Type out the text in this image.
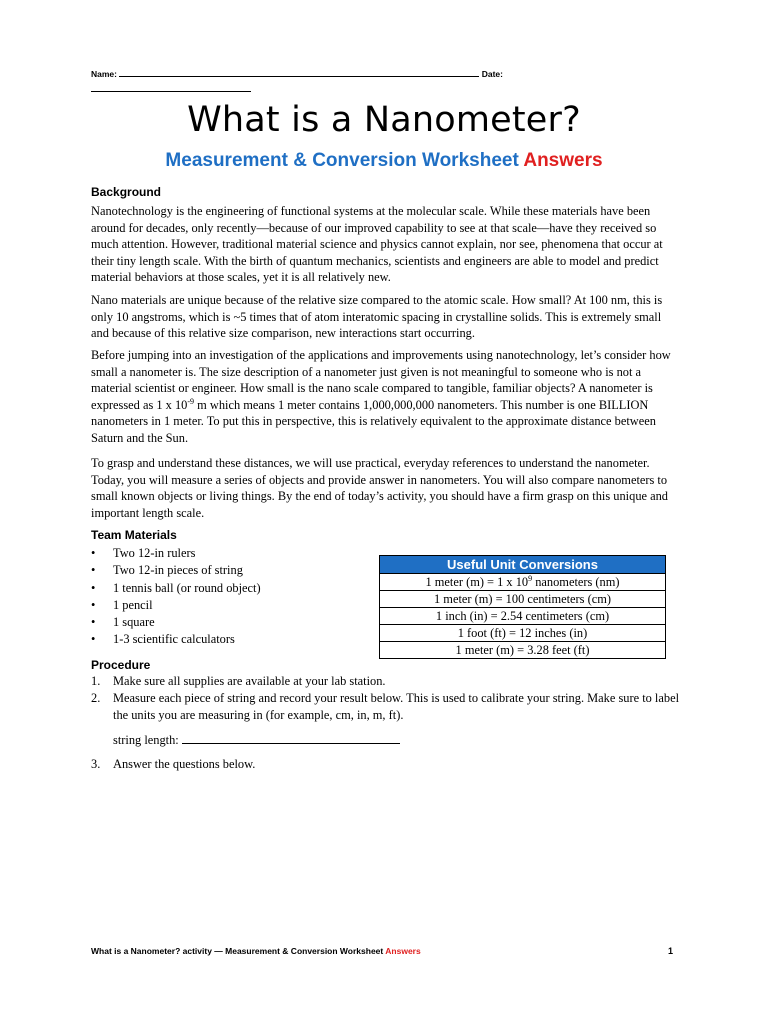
Name:	Date:
What is a Nanometer?
Measurement & Conversion Worksheet Answers
Background
Nanotechnology is the engineering of functional systems at the molecular scale. While these materials have been around for decades, only recently—because of our improved capability to see at that scale—have they received so much attention. However, traditional material science and physics cannot explain, nor see, phenomena that occur at their tiny length scale. With the birth of quantum mechanics, scientists and engineers are able to model and predict material behaviors at those scales, yet it is all relatively new.
Nano materials are unique because of the relative size compared to the atomic scale. How small? At 100 nm, this is only 10 angstroms, which is ~5 times that of atom interatomic spacing in crystalline solids. This is extremely small and because of this relative size comparison, new interactions start occurring.
Before jumping into an investigation of the applications and improvements using nanotechnology, let’s consider how small a nanometer is. The size description of a nanometer just given is not meaningful to someone who is not a material scientist or engineer. How small is the nano scale compared to tangible, familiar objects? A nanometer is expressed as 1 x $10^{-9}$ m which means 1 meter contains 1,000,000,000 nanometers. This number is one BILLION nanometers in 1 meter. To put this in perspective, this is relatively equivalent to the approximate distance between Saturn and the Sun.
To grasp and understand these distances, we will use practical, everyday references to understand the nanometer. Today, you will measure a series of objects and provide answer in nanometers. You will also compare nanometers to small known objects or living things. By the end of today’s activity, you should have a firm grasp on this unique and important length scale.
Team Materials
• Two 12-in rulers
• Two 12-in pieces of string
• 1 tennis ball (or round object)
• 1 pencil
• 1 square
• 1-3 scientific calculators
Useful Unit Conversions
1 meter (m) = 1 x $10^9$ nanometers (nm)
1 meter (m) = 100 centimeters (cm)
1 inch (in) = 2.54 centimeters (cm)
1 foot (ft) = 12 inches (in)
1 meter (m) = 3.28 feet (ft)
Procedure
1. Make sure all supplies are available at your lab station.
2. Measure each piece of string and record your result below. This is used to calibrate your string. Make sure to label the units you are measuring in (for example, cm, in, m, ft).
string length:
3. Answer the questions below.
What is a Nanometer? activity — Measurement & Conversion Worksheet Answers	1
